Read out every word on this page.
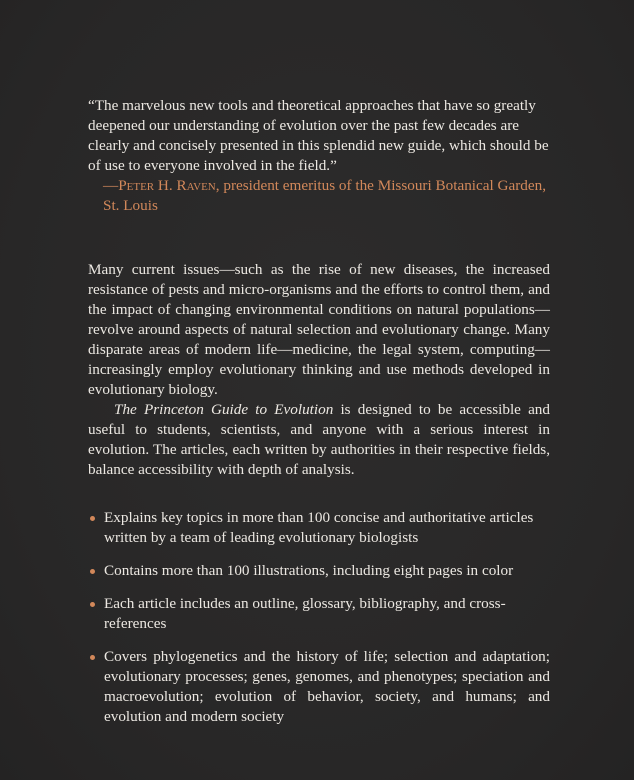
“The marvelous new tools and theoretical approaches that have so greatly deepened our understanding of evolution over the past few decades are clearly and concisely presented in this splendid new guide, which should be of use to everyone involved in the field.”

—Peter H. Raven, president emeritus of the Missouri Botanical Garden, St. Louis

Many current issues—such as the rise of new diseases, the increased resistance of pests and micro-organisms and the efforts to control them, and the impact of changing environmental conditions on natural populations—revolve around aspects of natural selection and evolutionary change. Many disparate areas of modern life—medicine, the legal system, computing—increasingly employ evolutionary thinking and use methods developed in evolutionary biology.

The Princeton Guide to Evolution is designed to be accessible and useful to students, scientists, and anyone with a serious interest in evolution. The articles, each written by authorities in their respective fields, balance accessibility with depth of analysis.

Explains key topics in more than 100 concise and authoritative articles written by a team of leading evolutionary biologists
Contains more than 100 illustrations, including eight pages in color
Each article includes an outline, glossary, bibliography, and cross-references
Covers phylogenetics and the history of life; selection and adaptation; evolutionary processes; genes, genomes, and phenotypes; speciation and macroevolution; evolution of behavior, society, and humans; and evolution and modern society
